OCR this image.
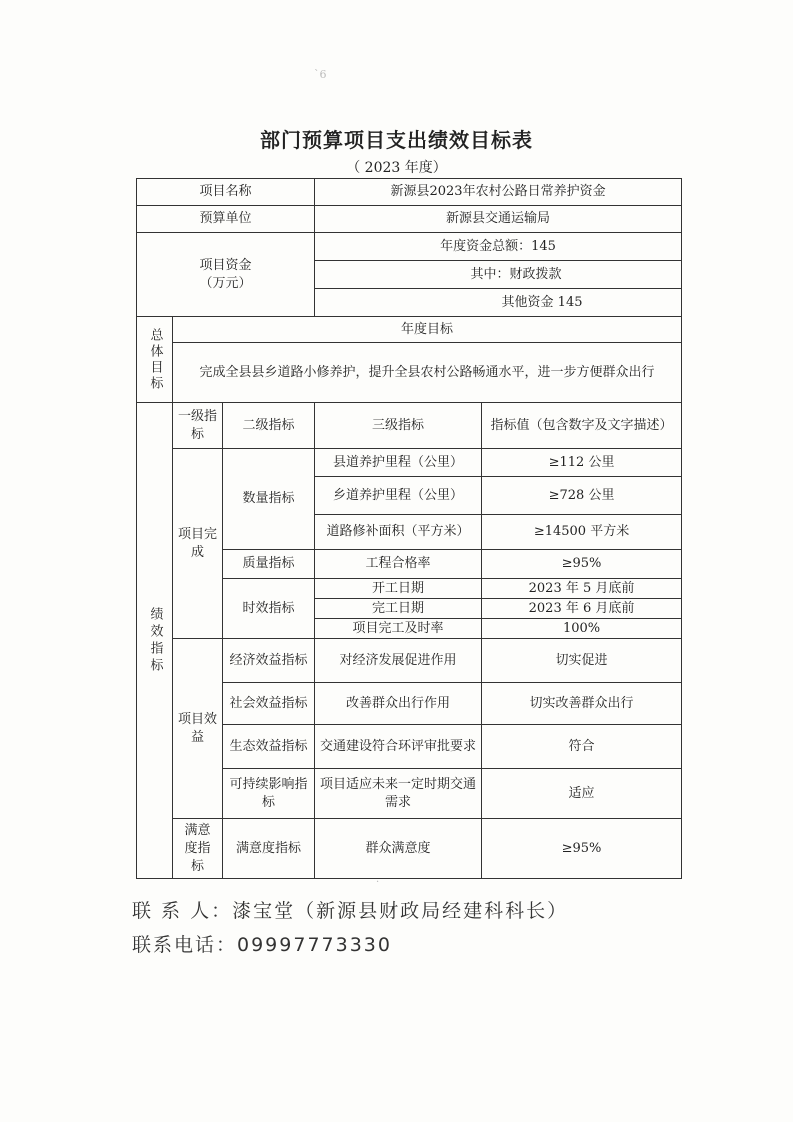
`6
部门预算项目支出绩效目标表
（ 2023 年度）
项目名称			新源县2023年农村公路日常养护资金	
预算单位			新源县交通运输局	

项目资金
（万元）			年度资金总额：145	
			其中：财政拨款	
			其他资金 145	
总体目标	年度目标			
	完成全县县乡道路小修养护，提升全县农村公路畅通水平，进一步方便群众出行			
绩效指标	一级指标	二级指标	三级指标	指标值（包含数字及文字描述）
	项目完成	数量指标	县道养护里程（公里）	≥112 公里
			乡道养护里程（公里）	≥728 公里
			道路修补面积（平方米）	≥14500 平方米
		质量指标	工程合格率	≥95%
		时效指标	开工日期	2023 年 5 月底前
			完工日期	2023 年 6 月底前
			项目完工及时率	100%
	项目效益	经济效益指标	对经济发展促进作用	切实促进
		社会效益指标	改善群众出行作用	切实改善群众出行
		生态效益指标	交通建设符合环评审批要求	符合
		可持续影响指标	项目适应未来一定时期交通需求	适应
	满意度指标	满意度指标	群众满意度	≥95%
·
联 系 人：漆宝堂（新源县财政局经建科科长）
联系电话：09997773330
